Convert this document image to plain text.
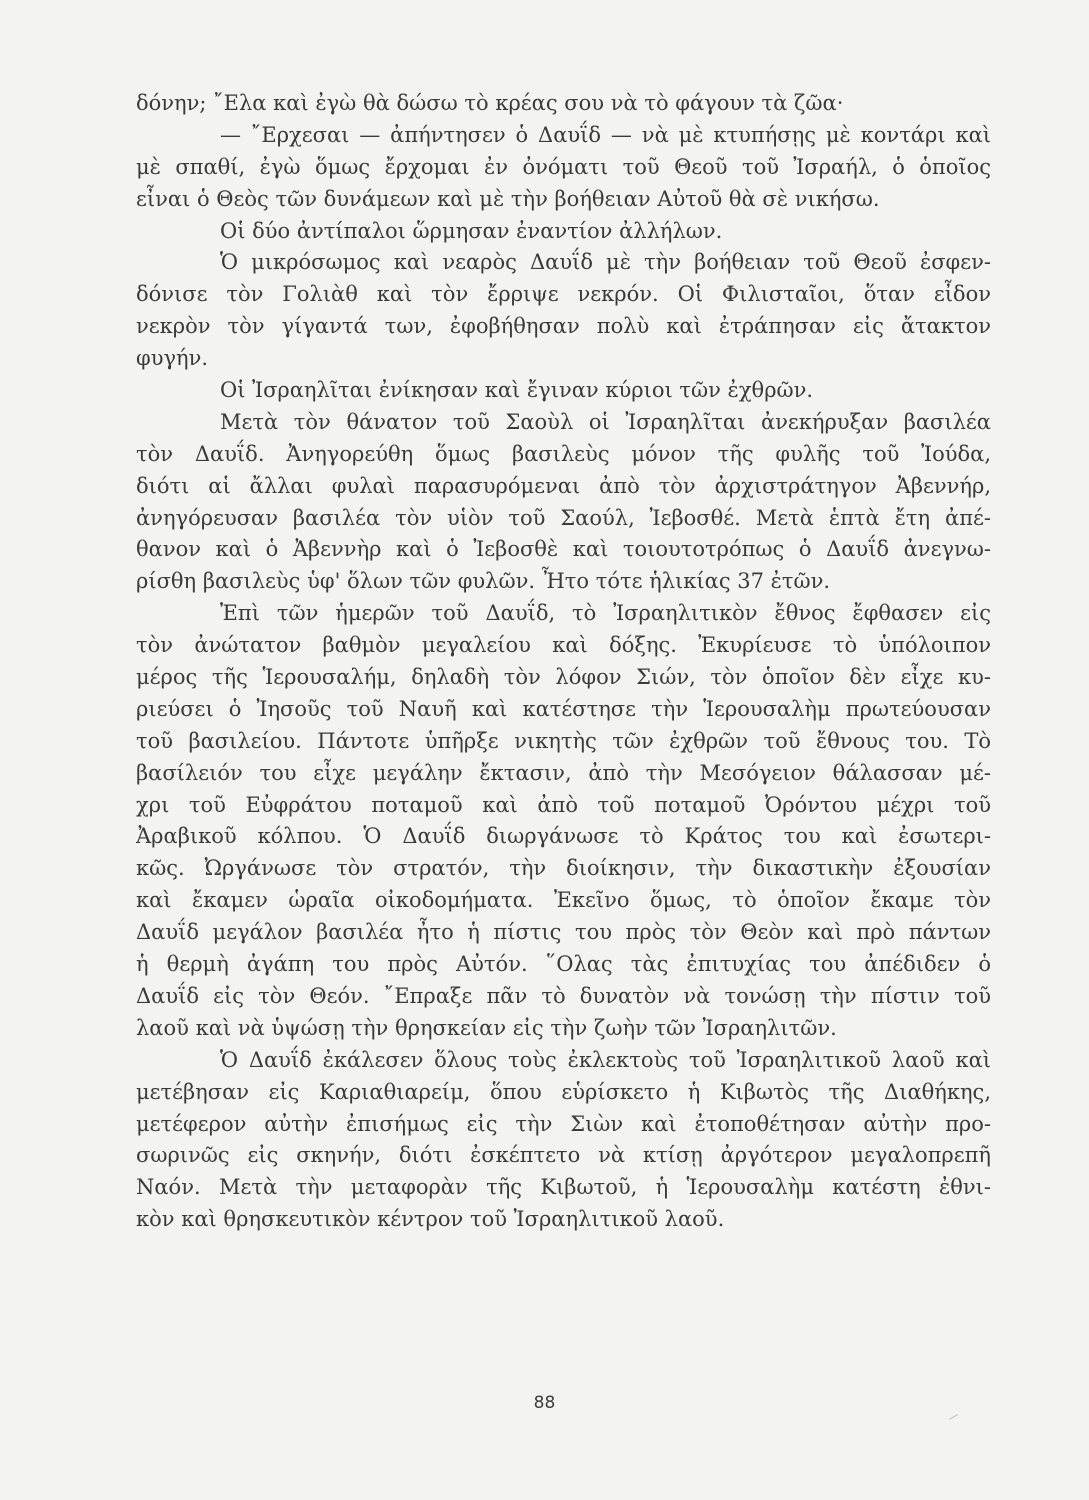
δόνην; ῎Ελα καὶ ἐγὼ θὰ δώσω τὸ κρέας σου νὰ τὸ φάγουν τὰ ζῶα·
— ῎Ερχεσαι — ἀπήντησεν ὁ Δαυΐδ — νὰ μὲ κτυπήσῃς μὲ κοντάρι καὶ
μὲ σπαθί, ἐγὼ ὅμως ἔρχομαι ἐν ὀνόματι τοῦ Θεοῦ τοῦ Ἰσραήλ, ὁ ὁποῖος
εἶναι ὁ Θεὸς τῶν δυνάμεων καὶ μὲ τὴν βοήθειαν Αὐτοῦ θὰ σὲ νικήσω.
Οἱ δύο ἀντίπαλοι ὥρμησαν ἐναντίον ἀλλήλων.
Ὁ μικρόσωμος καὶ νεαρὸς Δαυΐδ μὲ τὴν βοήθειαν τοῦ Θεοῦ ἐσφεν-
δόνισε τὸν Γολιὰθ καὶ τὸν ἔρριψε νεκρόν. Οἱ Φιλισταῖοι, ὅταν εἶδον
νεκρὸν τὸν γίγαντά των, ἐφοβήθησαν πολὺ καὶ ἐτράπησαν εἰς ἄτακτον
φυγήν.
Οἱ Ἰσραηλῖται ἐνίκησαν καὶ ἔγιναν κύριοι τῶν ἐχθρῶν.
Μετὰ τὸν θάνατον τοῦ Σαοὺλ οἱ Ἰσραηλῖται ἀνεκήρυξαν βασιλέα
τὸν Δαυΐδ. Ἀνηγορεύθη ὅμως βασιλεὺς μόνον τῆς φυλῆς τοῦ Ἰούδα,
διότι αἱ ἄλλαι φυλαὶ παρασυρόμεναι ἀπὸ τὸν ἀρχιστράτηγον Ἀβεννήρ,
ἀνηγόρευσαν βασιλέα τὸν υἱὸν τοῦ Σαούλ, Ἰεβοσθέ. Μετὰ ἑπτὰ ἔτη ἀπέ-
θανον καὶ ὁ Ἀβεννὴρ καὶ ὁ Ἰεβοσθὲ καὶ τοιουτοτρόπως ὁ Δαυΐδ ἀνεγνω-
ρίσθη βασιλεὺς ὑφ' ὅλων τῶν φυλῶν. Ἦτο τότε ἡλικίας 37 ἐτῶν.
Ἐπὶ τῶν ἡμερῶν τοῦ Δαυΐδ, τὸ Ἰσραηλιτικὸν ἔθνος ἔφθασεν εἰς
τὸν ἀνώτατον βαθμὸν μεγαλείου καὶ δόξης. Ἐκυρίευσε τὸ ὑπόλοιπον
μέρος τῆς Ἱερουσαλήμ, δηλαδὴ τὸν λόφον Σιών, τὸν ὁποῖον δὲν εἶχε κυ-
ριεύσει ὁ Ἰησοῦς τοῦ Ναυῆ καὶ κατέστησε τὴν Ἱερουσαλὴμ πρωτεύουσαν
τοῦ βασιλείου. Πάντοτε ὑπῆρξε νικητὴς τῶν ἐχθρῶν τοῦ ἔθνους του. Τὸ
βασίλειόν του εἶχε μεγάλην ἔκτασιν, ἀπὸ τὴν Μεσόγειον θάλασσαν μέ-
χρι τοῦ Εὐφράτου ποταμοῦ καὶ ἀπὸ τοῦ ποταμοῦ Ὀρόντου μέχρι τοῦ
Ἀραβικοῦ κόλπου. Ὁ Δαυΐδ διωργάνωσε τὸ Κράτος του καὶ ἐσωτερι-
κῶς. Ὠργάνωσε τὸν στρατόν, τὴν διοίκησιν, τὴν δικαστικὴν ἐξουσίαν
καὶ ἔκαμεν ὡραῖα οἰκοδομήματα. Ἐκεῖνο ὅμως, τὸ ὁποῖον ἔκαμε τὸν
Δαυΐδ μεγάλον βασιλέα ἦτο ἡ πίστις του πρὸς τὸν Θεὸν καὶ πρὸ πάντων
ἡ θερμὴ ἀγάπη του πρὸς Αὐτόν. ῞Ολας τὰς ἐπιτυχίας του ἀπέδιδεν ὁ
Δαυΐδ εἰς τὸν Θεόν. ῎Επραξε πᾶν τὸ δυνατὸν νὰ τονώσῃ τὴν πίστιν τοῦ
λαοῦ καὶ νὰ ὑψώσῃ τὴν θρησκείαν εἰς τὴν ζωὴν τῶν Ἰσραηλιτῶν.
Ὁ Δαυΐδ ἐκάλεσεν ὅλους τοὺς ἐκλεκτοὺς τοῦ Ἰσραηλιτικοῦ λαοῦ καὶ
μετέβησαν εἰς Καριαθιαρείμ, ὅπου εὑρίσκετο ἡ Κιβωτὸς τῆς Διαθήκης,
μετέφερον αὐτὴν ἐπισήμως εἰς τὴν Σιὼν καὶ ἐτοποθέτησαν αὐτὴν προ-
σωρινῶς εἰς σκηνήν, διότι ἐσκέπτετο νὰ κτίσῃ ἀργότερον μεγαλοπρεπῆ
Ναόν. Μετὰ τὴν μεταφορὰν τῆς Κιβωτοῦ, ἡ Ἱερουσαλὴμ κατέστη ἐθνι-
κὸν καὶ θρησκευτικὸν κέντρον τοῦ Ἰσραηλιτικοῦ λαοῦ.
88
